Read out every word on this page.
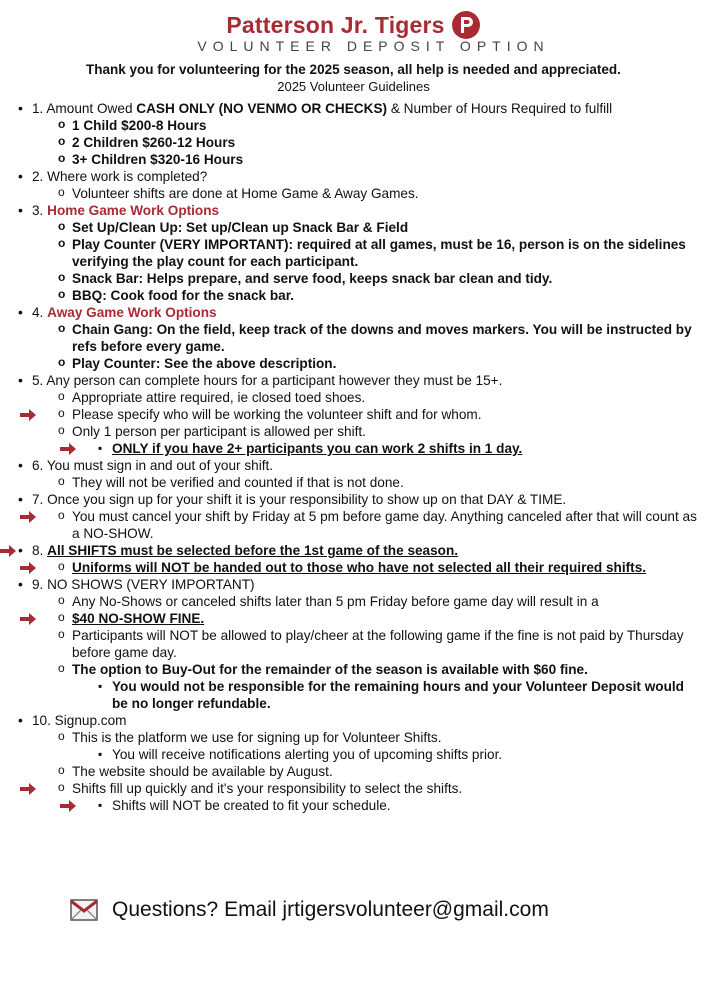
Patterson Jr. Tigers
VOLUNTEER DEPOSIT OPTION
Thank you for volunteering for the 2025 season, all help is needed and appreciated.
2025 Volunteer Guidelines
• 1. Amount Owed CASH ONLY (NO VENMO OR CHECKS) & Number of Hours Required to fulfill
o 1 Child $200-8 Hours
o 2 Children $260-12 Hours
o 3+ Children $320-16 Hours
• 2. Where work is completed?
o Volunteer shifts are done at Home Game & Away Games.
• 3. Home Game Work Options
o Set Up/Clean Up: Set up/Clean up Snack Bar & Field
o Play Counter (VERY IMPORTANT): required at all games, must be 16, person is on the sidelines verifying the play count for each participant.
o Snack Bar: Helps prepare, and serve food, keeps snack bar clean and tidy.
o BBQ: Cook food for the snack bar.
• 4. Away Game Work Options
o Chain Gang: On the field, keep track of the downs and moves markers. You will be instructed by refs before every game.
o Play Counter: See the above description.
• 5. Any person can complete hours for a participant however they must be 15+.
o Appropriate attire required, ie closed toed shoes.
o Please specify who will be working the volunteer shift and for whom.
o Only 1 person per participant is allowed per shift.
▪ ONLY if you have 2+ participants you can work 2 shifts in 1 day.
• 6. You must sign in and out of your shift.
o They will not be verified and counted if that is not done.
• 7. Once you sign up for your shift it is your responsibility to show up on that DAY & TIME.
o You must cancel your shift by Friday at 5 pm before game day. Anything canceled after that will count as a NO-SHOW.
• 8. All SHIFTS must be selected before the 1st game of the season.
o Uniforms will NOT be handed out to those who have not selected all their required shifts.
• 9. NO SHOWS (VERY IMPORTANT)
o Any No-Shows or canceled shifts later than 5 pm Friday before game day will result in a
o $40 NO-SHOW FINE.
o Participants will NOT be allowed to play/cheer at the following game if the fine is not paid by Thursday before game day.
o The option to Buy-Out for the remainder of the season is available with $60 fine.
▪ You would not be responsible for the remaining hours and your Volunteer Deposit would be no longer refundable.
• 10. Signup.com
o This is the platform we use for signing up for Volunteer Shifts.
▪ You will receive notifications alerting you of upcoming shifts prior.
o The website should be available by August.
o Shifts fill up quickly and it's your responsibility to select the shifts.
▪ Shifts will NOT be created to fit your schedule.
Questions? Email jrtigersvolunteer@gmail.com
